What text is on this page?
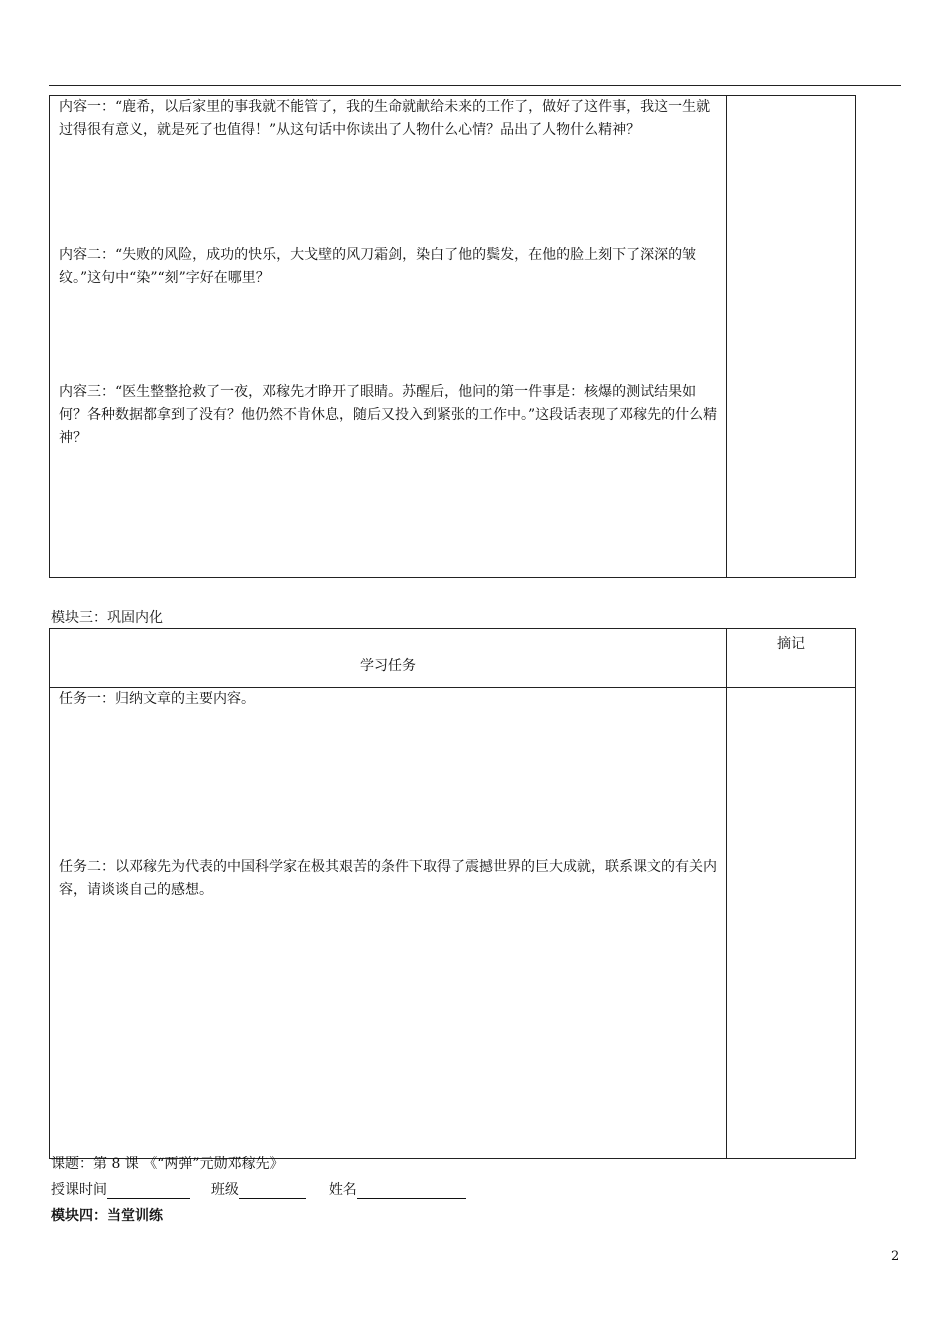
内容一：“鹿希，以后家里的事我就不能管了，我的生命就献给未来的工作了，做好了这件事，我这一生就过得很有意义，就是死了也值得！”从这句话中你读出了人物什么心情？品出了人物什么精神？
内容二：“失败的风险，成功的快乐，大戈壁的风刀霜剑，染白了他的鬓发，在他的脸上刻下了深深的皱纹。”这句中“染”“刻”字好在哪里？
内容三：“医生整整抢救了一夜，邓稼先才睁开了眼睛。苏醒后，他问的第一件事是：核爆的测试结果如何？各种数据都拿到了没有？他仍然不肯休息，随后又投入到紧张的工作中。”这段话表现了邓稼先的什么精神？

模块三：巩固内化
学习任务	摘记

任务一：归纳文章的主要内容。
任务二：以邓稼先为代表的中国科学家在极其艰苦的条件下取得了震撼世界的巨大成就，联系课文的有关内容，请谈谈自己的感想。	

课题：第 8 课 《“两弹”元勋邓稼先》
授课时间	班级	姓名
模块四：当堂训练
2
